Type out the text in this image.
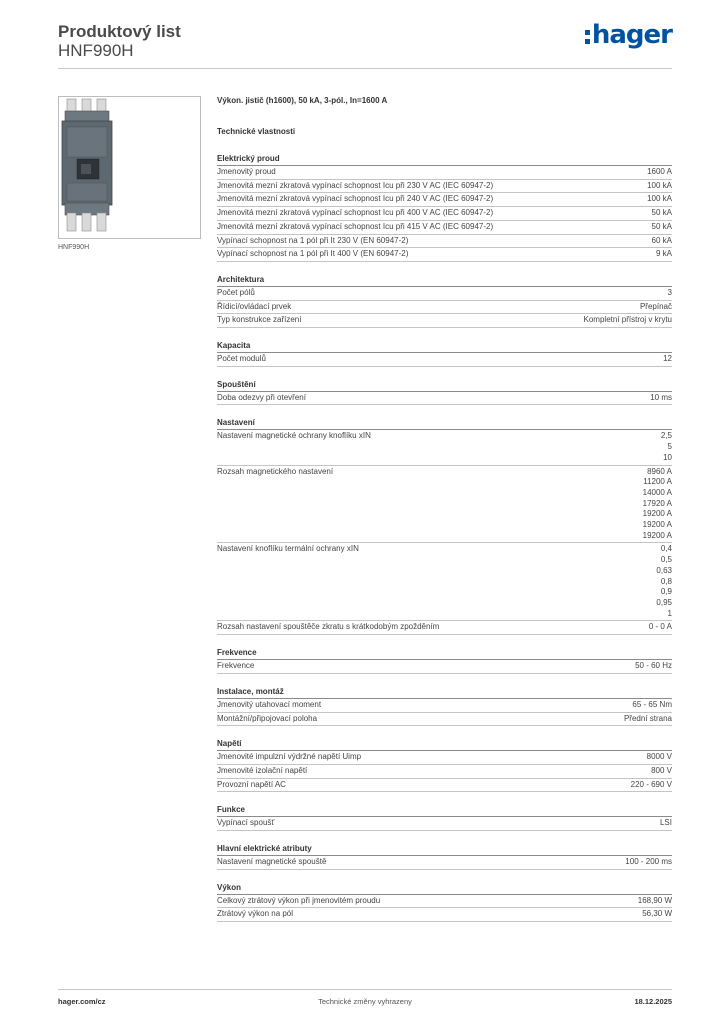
Produktový list
HNF990H
hager
HNF990H
Výkon. jistič (h1600), 50 kA, 3-pól., In=1600 A
Technické vlastnosti
Elektrický proud
Jmenovitý proud	1600 A
Jmenovitá mezní zkratová vypínací schopnost Icu při 230 V AC (IEC 60947-2)	100 kA
Jmenovitá mezní zkratová vypínací schopnost Icu při 240 V AC (IEC 60947-2)	100 kA
Jmenovitá mezní zkratová vypínací schopnost Icu při 400 V AC (IEC 60947-2)	50 kA
Jmenovitá mezní zkratová vypínací schopnost Icu při 415 V AC (IEC 60947-2)	50 kA
Vypínací schopnost na 1 pól při It 230 V (EN 60947-2)	60 kA
Vypínací schopnost na 1 pól při It 400 V (EN 60947-2)	9 kA
Architektura
Počet pólů	3
Řídicí/ovládací prvek	Přepínač
Typ konstrukce zařízení	Kompletní přístroj v krytu
Kapacita
Počet modulů	12
Spouštění
Doba odezvy při otevření	10 ms
Nastavení
Nastavení magnetické ochrany knoflíku xIN	2,5
5
10
Rozsah magnetického nastavení	8960 A
11200 A
14000 A
17920 A
19200 A
19200 A
19200 A
Nastavení knoflíku termální ochrany xIN	0,4
0,5
0,63
0,8
0,9
0,95
1
Rozsah nastavení spouštěče zkratu s krátkodobým zpožděním	0 - 0 A
Frekvence
Frekvence	50 - 60 Hz
Instalace, montáž
Jmenovitý utahovací moment	65 - 65 Nm
Montážní/připojovací poloha	Přední strana
Napětí
Jmenovité impulzní výdržné napětí Uimp	8000 V
Jmenovité izolační napětí	800 V
Provozní napětí AC	220 - 690 V
Funkce
Vypínací spoušť	LSI
Hlavní elektrické atributy
Nastavení magnetické spouště	100 - 200 ms
Výkon
Celkový ztrátový výkon při jmenovitém proudu	168,90 W
Ztrátový výkon na pól	56,30 W
hager.com/cz	Technické změny vyhrazeny	18.12.2025
